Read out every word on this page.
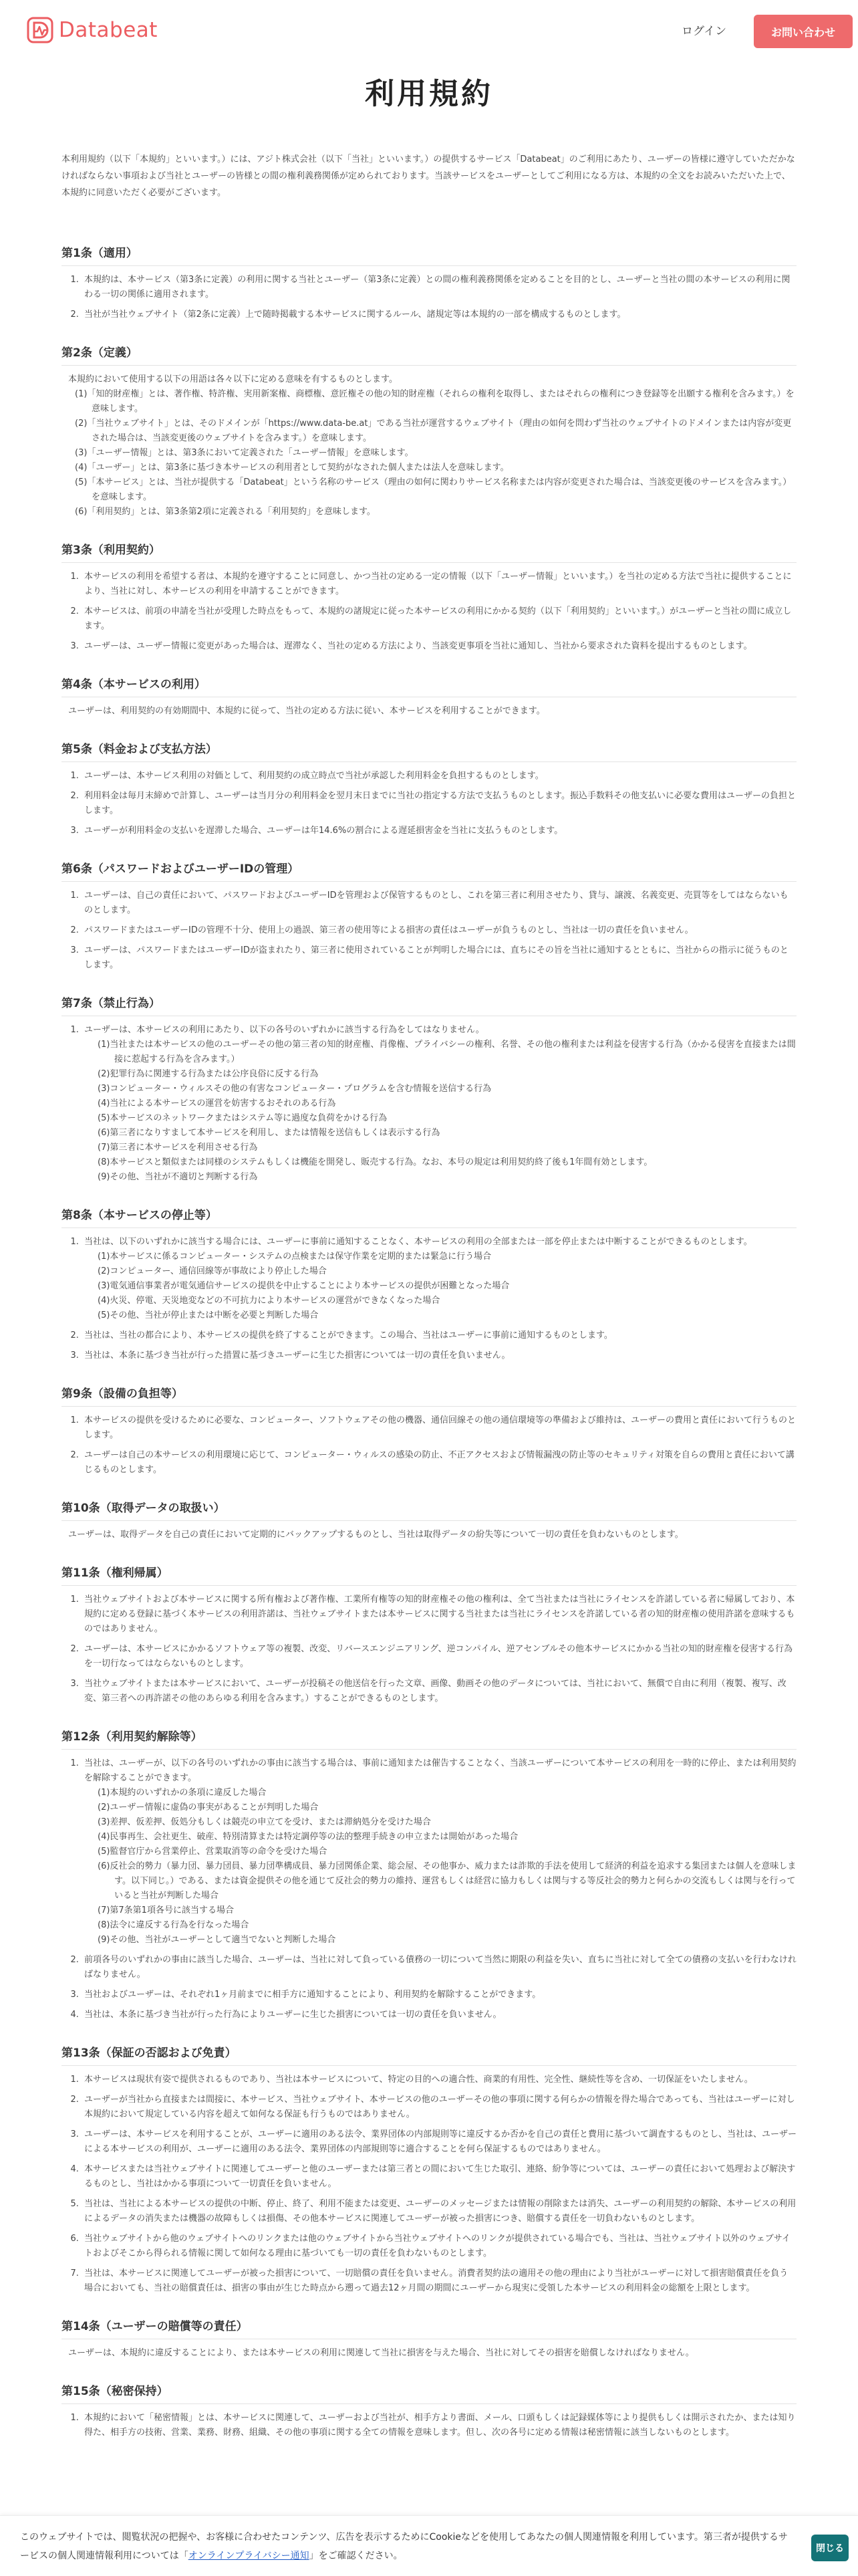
Databeat	ログイン	お問い合わせ
利用規約
本利用規約（以下「本規約」といいます。）には、アジト株式会社（以下「当社」といいます。）の提供するサービス「Databeat」のご利用にあたり、ユーザーの皆様に遵守していただかなければならない事項および当社とユーザーの皆様との間の権利義務関係が定められております。当該サービスをユーザーとしてご利用になる方は、本規約の全文をお読みいただいた上で、本規約に同意いただく必要がございます。
第1条（適用）
1. 本規約は、本サービス（第3条に定義）の利用に関する当社とユーザー（第3条に定義）との間の権利義務関係を定めることを目的とし、ユーザーと当社の間の本サービスの利用に関わる一切の関係に適用されます。
2. 当社が当社ウェブサイト（第2条に定義）上で随時掲載する本サービスに関するルール、諸規定等は本規約の一部を構成するものとします。
第2条（定義）

本規約において使用する以下の用語は各々以下に定める意味を有するものとします。

(1)「知的財産権」とは、著作権、特許権、実用新案権、商標権、意匠権その他の知的財産権（それらの権利を取得し、またはそれらの権利につき登録等を出願する権利を含みます。）を意味します。
(2)「当社ウェブサイト」とは、そのドメインが「https://www.data-be.at」である当社が運営するウェブサイト（理由の如何を問わず当社のウェブサイトのドメインまたは内容が変更された場合は、当該変更後のウェブサイトを含みます。）を意味します。
(3)「ユーザー情報」とは、第3条において定義された「ユーザー情報」を意味します。
(4)「ユーザー」とは、第3条に基づき本サービスの利用者として契約がなされた個人または法人を意味します。
(5)「本サービス」とは、当社が提供する「Databeat」という名称のサービス（理由の如何に関わりサービス名称または内容が変更された場合は、当該変更後のサービスを含みます。）を意味します。
(6)「利用契約」とは、第3条第2項に定義される「利用契約」を意味します。
第3条（利用契約）
1. 本サービスの利用を希望する者は、本規約を遵守することに同意し、かつ当社の定める一定の情報（以下「ユーザー情報」といいます。）を当社の定める方法で当社に提供することにより、当社に対し、本サービスの利用を申請することができます。
2. 本サービスは、前項の申請を当社が受理した時点をもって、本規約の諸規定に従った本サービスの利用にかかる契約（以下「利用契約」といいます。）がユーザーと当社の間に成立します。
3. ユーザーは、ユーザー情報に変更があった場合は、遅滞なく、当社の定める方法により、当該変更事項を当社に通知し、当社から要求された資料を提出するものとします。
第4条（本サービスの利用）

ユーザーは、利用契約の有効期間中、本規約に従って、当社の定める方法に従い、本サービスを利用することができます。

第5条（料金および支払方法）
1. ユーザーは、本サービス利用の対価として、利用契約の成立時点で当社が承認した利用料金を負担するものとします。
2. 利用料金は毎月末締めで計算し、ユーザーは当月分の利用料金を翌月末日までに当社の指定する方法で支払うものとします。振込手数料その他支払いに必要な費用はユーザーの負担とします。
3. ユーザーが利用料金の支払いを遅滞した場合、ユーザーは年14.6%の割合による遅延損害金を当社に支払うものとします。
第6条（パスワードおよびユーザーIDの管理）
1. ユーザーは、自己の責任において、パスワードおよびユーザーIDを管理および保管するものとし、これを第三者に利用させたり、貸与、譲渡、名義変更、売買等をしてはならないものとします。
2. パスワードまたはユーザーIDの管理不十分、使用上の過誤、第三者の使用等による損害の責任はユーザーが負うものとし、当社は一切の責任を負いません。
3. ユーザーは、パスワードまたはユーザーIDが盗まれたり、第三者に使用されていることが判明した場合には、直ちにその旨を当社に通知するとともに、当社からの指示に従うものとします。
第7条（禁止行為）
1. ユーザーは、本サービスの利用にあたり、以下の各号のいずれかに該当する行為をしてはなりません。
(1)当社または本サービスの他のユーザーその他の第三者の知的財産権、肖像権、プライバシーの権利、名誉、その他の権利または利益を侵害する行為（かかる侵害を直接または間接に惹起する行為を含みます。）
(2)犯罪行為に関連する行為または公序良俗に反する行為
(3)コンピューター・ウィルスその他の有害なコンピューター・プログラムを含む情報を送信する行為
(4)当社による本サービスの運営を妨害するおそれのある行為
(5)本サービスのネットワークまたはシステム等に過度な負荷をかける行為
(6)第三者になりすまして本サービスを利用し、または情報を送信もしくは表示する行為
(7)第三者に本サービスを利用させる行為
(8)本サービスと類似または同様のシステムもしくは機能を開発し、販売する行為。なお、本号の規定は利用契約終了後も1年間有効とします。
(9)その他、当社が不適切と判断する行為
第8条（本サービスの停止等）
1. 当社は、以下のいずれかに該当する場合には、ユーザーに事前に通知することなく、本サービスの利用の全部または一部を停止または中断することができるものとします。
(1)本サービスに係るコンピューター・システムの点検または保守作業を定期的または緊急に行う場合
(2)コンピューター、通信回線等が事故により停止した場合
(3)電気通信事業者が電気通信サービスの提供を中止することにより本サービスの提供が困難となった場合
(4)火災、停電、天災地変などの不可抗力により本サービスの運営ができなくなった場合
(5)その他、当社が停止または中断を必要と判断した場合
2. 当社は、当社の都合により、本サービスの提供を終了することができます。この場合、当社はユーザーに事前に通知するものとします。
3. 当社は、本条に基づき当社が行った措置に基づきユーザーに生じた損害については一切の責任を負いません。
第9条（設備の負担等）
1. 本サービスの提供を受けるために必要な、コンピューター、ソフトウェアその他の機器、通信回線その他の通信環境等の準備および維持は、ユーザーの費用と責任において行うものとします。
2. ユーザーは自己の本サービスの利用環境に応じて、コンピューター・ウィルスの感染の防止、不正アクセスおよび情報漏洩の防止等のセキュリティ対策を自らの費用と責任において講じるものとします。
第10条（取得データの取扱い）

ユーザーは、取得データを自己の責任において定期的にバックアップするものとし、当社は取得データの紛失等について一切の責任を負わないものとします。

第11条（権利帰属）
1. 当社ウェブサイトおよび本サービスに関する所有権および著作権、工業所有権等の知的財産権その他の権利は、全て当社または当社にライセンスを許諾している者に帰属しており、本規約に定める登録に基づく本サービスの利用許諾は、当社ウェブサイトまたは本サービスに関する当社または当社にライセンスを許諾している者の知的財産権の使用許諾を意味するものではありません。
2. ユーザーは、本サービスにかかるソフトウェア等の複製、改変、リバースエンジニアリング、逆コンパイル、逆アセンブルその他本サービスにかかる当社の知的財産権を侵害する行為を一切行なってはならないものとします。
3. 当社ウェブサイトまたは本サービスにおいて、ユーザーが投稿その他送信を行った文章、画像、動画その他のデータについては、当社において、無償で自由に利用（複製、複写、改変、第三者への再許諾その他のあらゆる利用を含みます。）することができるものとします。
第12条（利用契約解除等）
1. 当社は、ユーザーが、以下の各号のいずれかの事由に該当する場合は、事前に通知または催告することなく、当該ユーザーについて本サービスの利用を一時的に停止、または利用契約を解除することができます。
(1)本規約のいずれかの条項に違反した場合
(2)ユーザー情報に虚偽の事実があることが判明した場合
(3)差押、仮差押、仮処分もしくは競売の申立てを受け、または滞納処分を受けた場合
(4)民事再生、会社更生、破産、特別清算または特定調停等の法的整理手続きの申立または開始があった場合
(5)監督官庁から営業停止、営業取消等の命令を受けた場合
(6)反社会的勢力（暴力団、暴力団員、暴力団準構成員、暴力団関係企業、総会屋、その他事か、威力または詐欺的手法を使用して経済的利益を追求する集団または個人を意味します。以下同じ。）である、または資金提供その他を通じて反社会的勢力の維持、運営もしくは経営に協力もしくは関与する等反社会的勢力と何らかの交流もしくは関与を行っていると当社が判断した場合
(7)第7条第1項各号に該当する場合
(8)法令に違反する行為を行なった場合
(9)その他、当社がユーザーとして適当でないと判断した場合
2. 前項各号のいずれかの事由に該当した場合、ユーザーは、当社に対して負っている債務の一切について当然に期限の利益を失い、直ちに当社に対して全ての債務の支払いを行わなければなりません。
3. 当社およびユーザーは、それぞれ1ヶ月前までに相手方に通知することにより、利用契約を解除することができます。
4. 当社は、本条に基づき当社が行った行為によりユーザーに生じた損害については一切の責任を負いません。
第13条（保証の否認および免責）
1. 本サービスは現状有姿で提供されるものであり、当社は本サービスについて、特定の目的への適合性、商業的有用性、完全性、継続性等を含め、一切保証をいたしません。
2. ユーザーが当社から直接または間接に、本サービス、当社ウェブサイト、本サービスの他のユーザーその他の事項に関する何らかの情報を得た場合であっても、当社はユーザーに対し本規約において規定している内容を超えて如何なる保証も行うものではありません。
3. ユーザーは、本サービスを利用することが、ユーザーに適用のある法令、業界団体の内部規則等に違反するか否かを自己の責任と費用に基づいて調査するものとし、当社は、ユーザーによる本サービスの利用が、ユーザーに適用のある法令、業界団体の内部規則等に適合することを何ら保証するものではありません。
4. 本サービスまたは当社ウェブサイトに関連してユーザーと他のユーザーまたは第三者との間において生じた取引、連絡、紛争等については、ユーザーの責任において処理および解決するものとし、当社はかかる事項について一切責任を負いません。
5. 当社は、当社による本サービスの提供の中断、停止、終了、利用不能または変更、ユーザーのメッセージまたは情報の削除または消失、ユーザーの利用契約の解除、本サービスの利用によるデータの消失または機器の故障もしくは損傷、その他本サービスに関連してユーザーが被った損害につき、賠償する責任を一切負わないものとします。
6. 当社ウェブサイトから他のウェブサイトへのリンクまたは他のウェブサイトから当社ウェブサイトへのリンクが提供されている場合でも、当社は、当社ウェブサイト以外のウェブサイトおよびそこから得られる情報に関して如何なる理由に基づいても一切の責任を負わないものとします。
7. 当社は、本サービスに関連してユーザーが被った損害について、一切賠償の責任を負いません。消費者契約法の適用その他の理由により当社がユーザーに対して損害賠償責任を負う場合においても、当社の賠償責任は、損害の事由が生じた時点から遡って過去12ヶ月間の期間にユーザーから現実に受領した本サービスの利用料金の総額を上限とします。
第14条（ユーザーの賠償等の責任）

ユーザーは、本規約に違反することにより、または本サービスの利用に関連して当社に損害を与えた場合、当社に対してその損害を賠償しなければなりません。

第15条（秘密保持）
1. 本規約において「秘密情報」とは、本サービスに関連して、ユーザーおよび当社が、相手方より書面、メール、口頭もしくは記録媒体等により提供もしくは開示されたか、または知り得た、相手方の技術、営業、業務、財務、組織、その他の事項に関する全ての情報を意味します。但し、次の各号に定める情報は秘密情報に該当しないものとします。
このウェブサイトでは、閲覧状況の把握や、お客様に合わせたコンテンツ、広告を表示するためにCookieなどを使用してあなたの個人関連情報を利用しています。第三者が提供するサービスの個人関連情報利用については「オンラインプライバシー通知」をご確認ください。
閉じる
